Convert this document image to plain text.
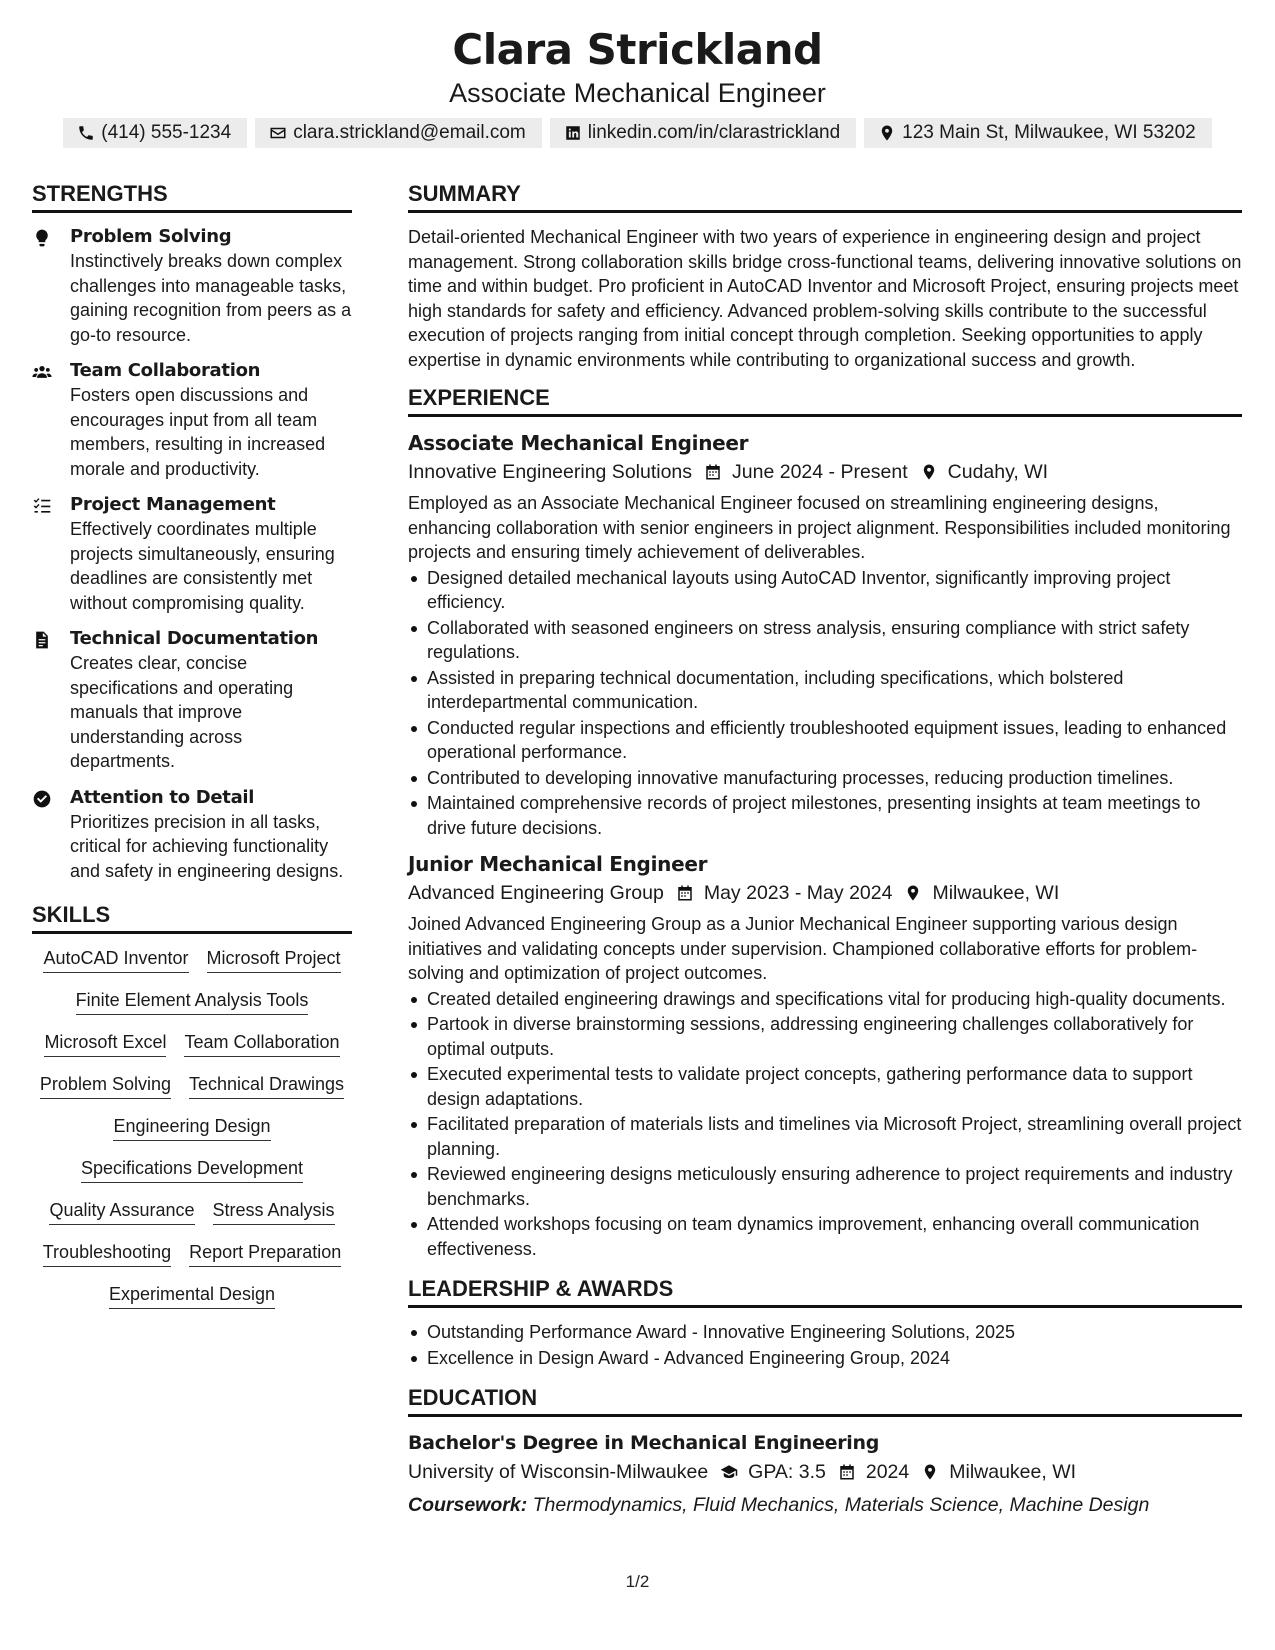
Clara Strickland
Associate Mechanical Engineer
(414) 555-1234	clara.strickland@email.com	linkedin.com/in/clarastrickland	123 Main St, Milwaukee, WI 53202
STRENGTHS
Problem Solving
Instinctively breaks down complex challenges into manageable tasks, gaining recognition from peers as a go-to resource.
Team Collaboration
Fosters open discussions and encourages input from all team members, resulting in increased morale and productivity.
Project Management
Effectively coordinates multiple projects simultaneously, ensuring deadlines are consistently met without compromising quality.
Technical Documentation
Creates clear, concise specifications and operating manuals that improve understanding across departments.
Attention to Detail
Prioritizes precision in all tasks, critical for achieving functionality and safety in engineering designs.
SKILLS
AutoCAD Inventor Microsoft Project
Finite Element Analysis Tools
Microsoft Excel Team Collaboration
Problem Solving Technical Drawings
Engineering Design
Specifications Development
Quality Assurance Stress Analysis
Troubleshooting Report Preparation
Experimental Design
SUMMARY
Detail-oriented Mechanical Engineer with two years of experience in engineering design and project management. Strong collaboration skills bridge cross-functional teams, delivering innovative solutions on time and within budget. Pro proficient in AutoCAD Inventor and Microsoft Project, ensuring projects meet high standards for safety and efficiency. Advanced problem-solving skills contribute to the successful execution of projects ranging from initial concept through completion. Seeking opportunities to apply expertise in dynamic environments while contributing to organizational success and growth.
EXPERIENCE
Associate Mechanical Engineer
Innovative Engineering Solutions June 2024 - Present Cudahy, WI
Employed as an Associate Mechanical Engineer focused on streamlining engineering designs, enhancing collaboration with senior engineers in project alignment. Responsibilities included monitoring projects and ensuring timely achievement of deliverables.
Designed detailed mechanical layouts using AutoCAD Inventor, significantly improving project efficiency.
Collaborated with seasoned engineers on stress analysis, ensuring compliance with strict safety regulations.
Assisted in preparing technical documentation, including specifications, which bolstered interdepartmental communication.
Conducted regular inspections and efficiently troubleshooted equipment issues, leading to enhanced operational performance.
Contributed to developing innovative manufacturing processes, reducing production timelines.
Maintained comprehensive records of project milestones, presenting insights at team meetings to drive future decisions.
Junior Mechanical Engineer
Advanced Engineering Group May 2023 - May 2024 Milwaukee, WI
Joined Advanced Engineering Group as a Junior Mechanical Engineer supporting various design initiatives and validating concepts under supervision. Championed collaborative efforts for problem-solving and optimization of project outcomes.
Created detailed engineering drawings and specifications vital for producing high-quality documents.
Partook in diverse brainstorming sessions, addressing engineering challenges collaboratively for optimal outputs.
Executed experimental tests to validate project concepts, gathering performance data to support design adaptations.
Facilitated preparation of materials lists and timelines via Microsoft Project, streamlining overall project planning.
Reviewed engineering designs meticulously ensuring adherence to project requirements and industry benchmarks.
Attended workshops focusing on team dynamics improvement, enhancing overall communication effectiveness.
LEADERSHIP & AWARDS
Outstanding Performance Award - Innovative Engineering Solutions, 2025
Excellence in Design Award - Advanced Engineering Group, 2024
EDUCATION
Bachelor's Degree in Mechanical Engineering
University of Wisconsin-Milwaukee GPA: 3.5 2024 Milwaukee, WI
Coursework: Thermodynamics, Fluid Mechanics, Materials Science, Machine Design
1/2
